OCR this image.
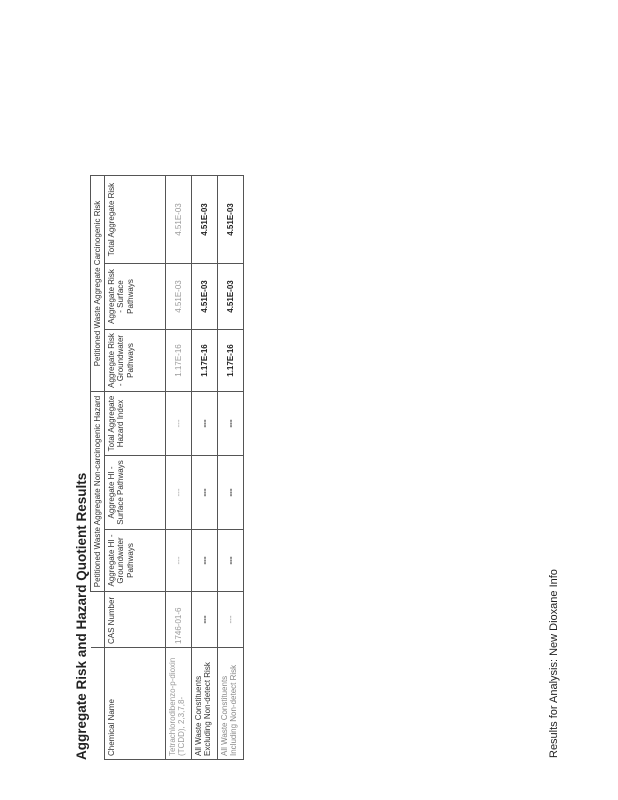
Aggregate Risk and Hazard Quotient Results
		Petitioned Waste Aggregate Non-carcinogenic Hazard			Petitioned Waste Aggregate Carcinogenic Risk		
Chemical Name	CAS Number	Aggregate HI - Groundwater Pathways	Aggregate HI - Surface Pathways	Total Aggregate Hazard Index	Aggregate Risk - Groundwater Pathways	Aggregate Risk - Surface Pathways	Total Aggregate Risk
Tetrachlorodibenzo-p-dioxin (TCDD), 2,3,7,8-	1746-01-6	---	---	---	1.17E-16	4.51E-03	4.51E-03
All Waste Constituents Excluding Non-detect Risk	---	---	---	---	1.17E-16	4.51E-03	4.51E-03
All Waste Constituents Including Non-detect Risk	---	---	---	---	1.17E-16	4.51E-03	4.51E-03
Results for Analysis: New Dioxane Info
